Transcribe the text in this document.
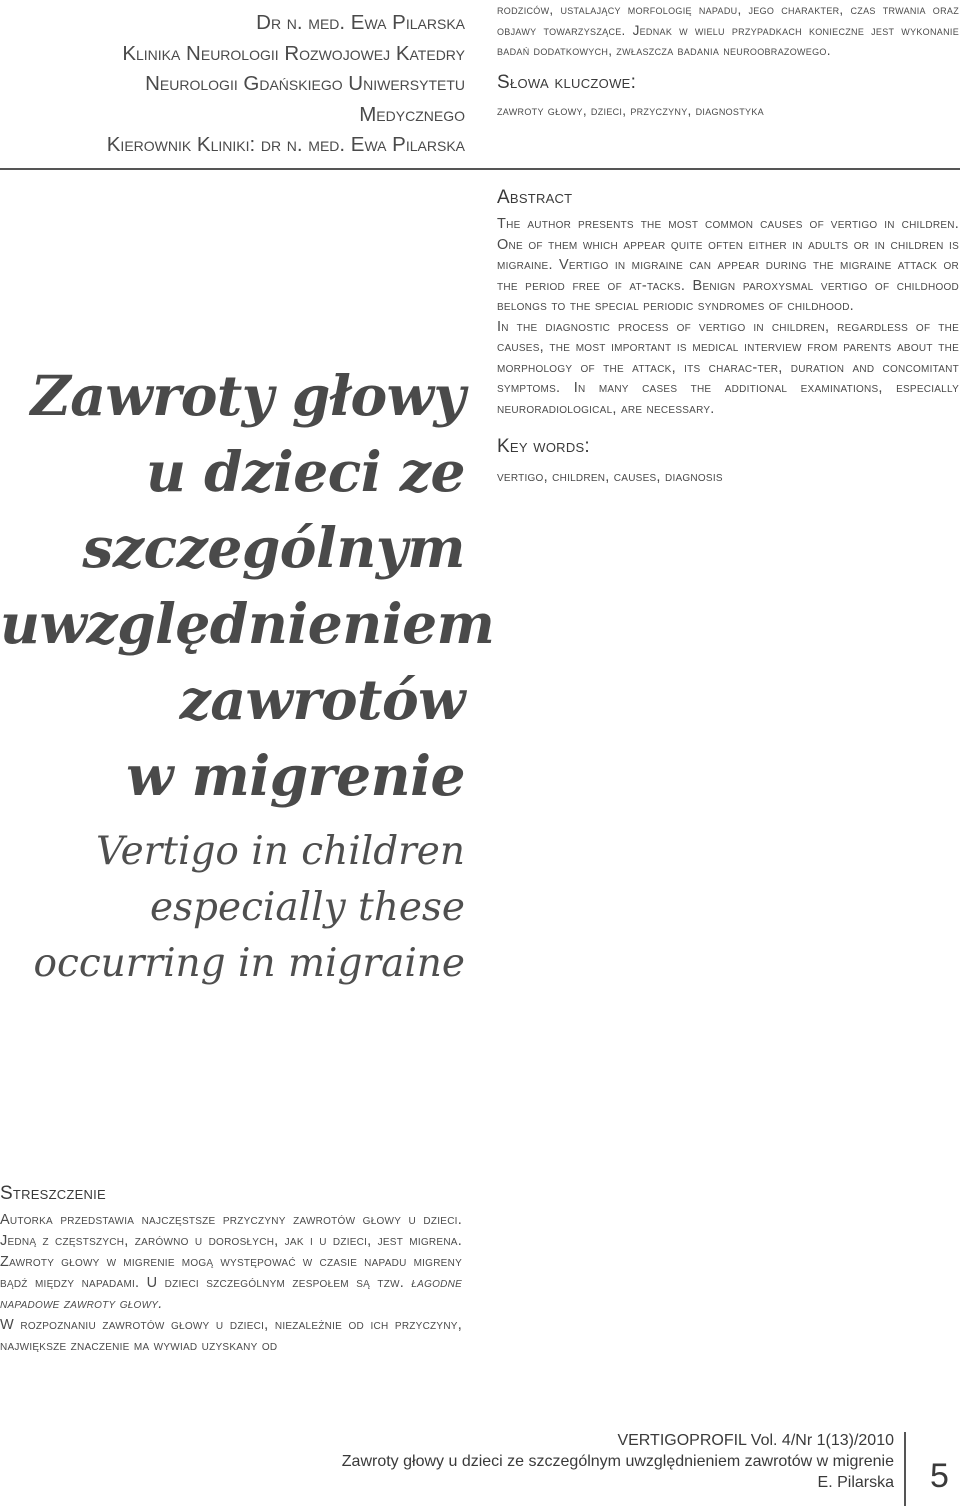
Dr n. med. Ewa Pilarska
Klinika Neurologii Rozwojowej Katedry
Neurologii Gdańskiego Uniwersytetu
Medycznego
Kierownik Kliniki: dr n. med. Ewa Pilarska

rodziców, ustalający morfologię napadu, jego charakter, czas trwania oraz objawy towarzyszące. Jednak w wielu przypadkach konieczne jest wykonanie badań dodatkowych, zwłaszcza badania neuroobrazowego.

Słowa kluczowe:

zawroty głowy, dzieci, przyczyny, diagnostyka

Zawroty głowy
u dzieci ze
szczególnym
uwzględnieniem
zawrotów
w migrenie
Vertigo in children
especially these
occurring in migraine

Abstract

The author presents the most common causes of vertigo in children. One of them which appear quite often either in adults or in children is migraine. Vertigo in migraine can appear during the migraine attack or the period free of at-tacks. Benign paroxysmal vertigo of childhood belongs to the special periodic syndromes of childhood.

In the diagnostic process of vertigo in children, regardless of the causes, the most important is medical interview from parents about the morphology of the attack, its charac-ter, duration and concomitant symptoms. In many cases the additional examinations, especially neuroradiological, are necessary.

Key words:

vertigo, children, causes, diagnosis

Streszczenie

Autorka przedstawia najczęstsze przyczyny zawrotów głowy u dzieci. Jedną z częstszych, zarówno u dorosłych, jak i u dzieci, jest migrena. Zawroty głowy w migrenie mogą występować w czasie napadu migreny bądź między napadami. U dzieci szczególnym zespołem są tzw. łagodne napadowe zawroty głowy.

W rozpoznaniu zawrotów głowy u dzieci, niezależnie od ich przyczyny, największe znaczenie ma wywiad uzyskany od

VERTIGOPROFIL Vol. 4/Nr 1(13)/2010
Zawroty głowy u dzieci ze szczególnym uwzględnieniem zawrotów w migrenie
E. Pilarska 5
